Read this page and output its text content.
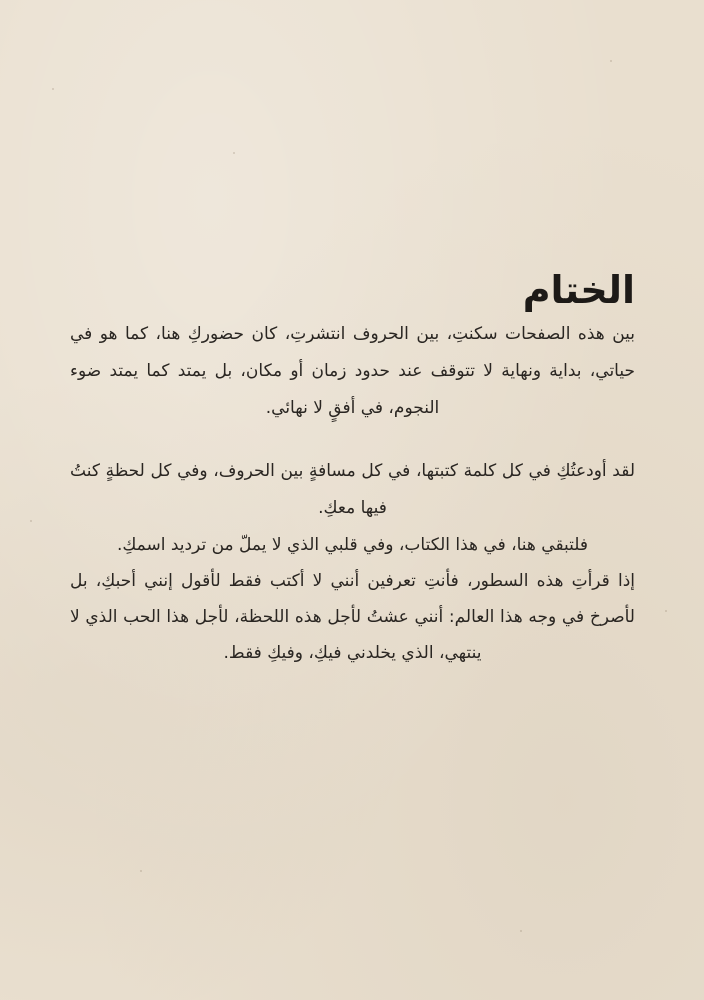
الختام

بين هذه الصفحات سكنتِ، بين الحروف انتشرتِ، كان حضوركِ هنا، كما هو في حياتي، بداية ونهاية لا تتوقف عند حدود زمان أو مكان، بل يمتد كما يمتد ضوء النجوم، في أفقٍ لا نهائي.

لقد أودعتُكِ في كل كلمة كتبتها، في كل مسافةٍ بين الحروف، وفي كل لحظةٍ كنتُ فيها معكِ.

فلتبقي هنا، في هذا الكتاب، وفي قلبي الذي لا يملّ من ترديد اسمكِ.

إذا قرأتِ هذه السطور، فأنتِ تعرفين أنني لا أكتب فقط لأقول إنني أحبكِ، بل لأصرخ في وجه هذا العالم: أنني عشتُ لأجل هذه اللحظة، لأجل هذا الحب الذي لا ينتهي، الذي يخلدني فيكِ، وفيكِ فقط.
